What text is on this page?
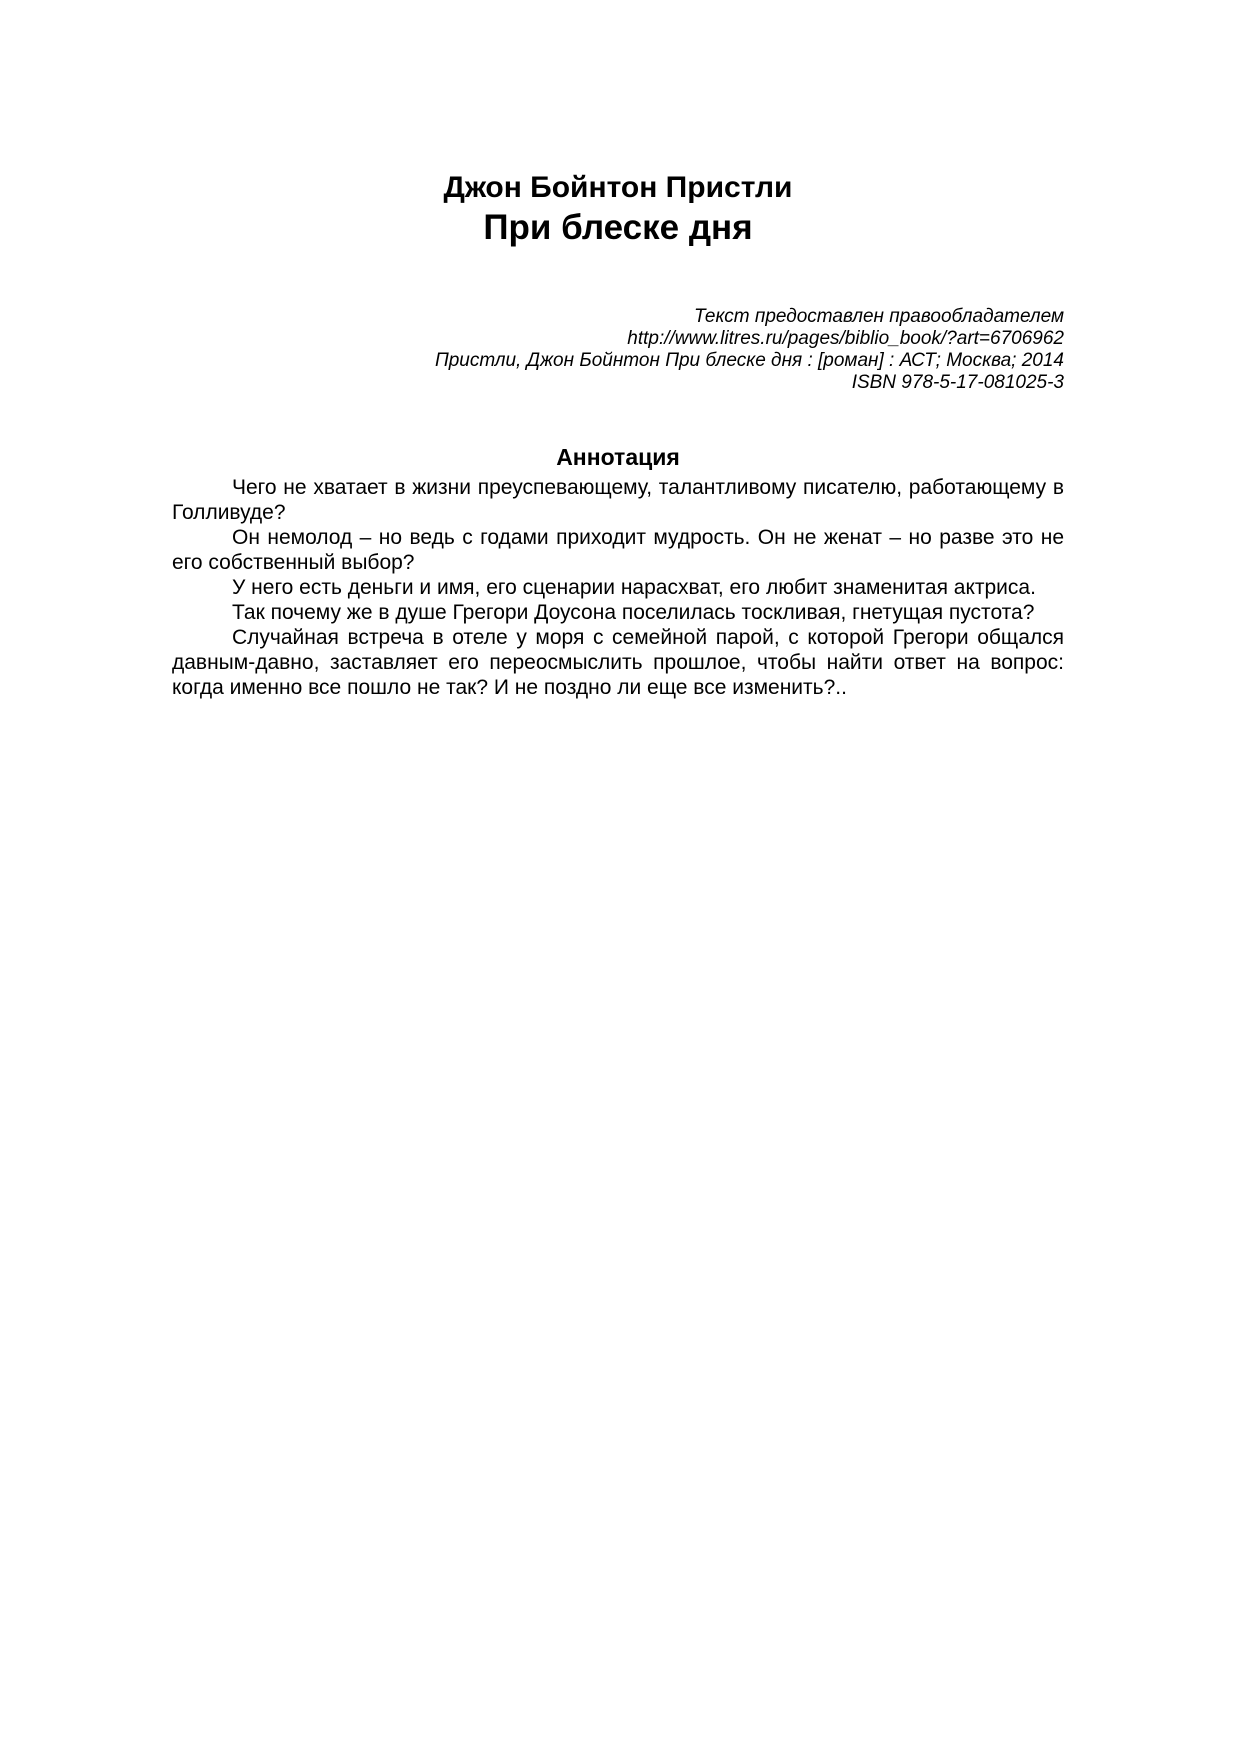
Джон Бойнтон Пристли
При блеске дня
Текст предоставлен правообладателем
http://www.litres.ru/pages/biblio_book/?art=6706962
Пристли, Джон Бойнтон При блеске дня : [роман] : АСТ; Москва; 2014
ISBN 978-5-17-081025-3
Аннотация

Чего не хватает в жизни преуспевающему, талантливому писателю, работающему в Голливуде?

Он немолод – но ведь с годами приходит мудрость. Он не женат – но разве это не его собственный выбор?

У него есть деньги и имя, его сценарии нарасхват, его любит знаменитая актриса.

Так почему же в душе Грегори Доусона поселилась тоскливая, гнетущая пустота?

Случайная встреча в отеле у моря с семейной парой, с которой Грегори общался давным-давно, заставляет его переосмыслить прошлое, чтобы найти ответ на вопрос: когда именно все пошло не так? И не поздно ли еще все изменить?..
